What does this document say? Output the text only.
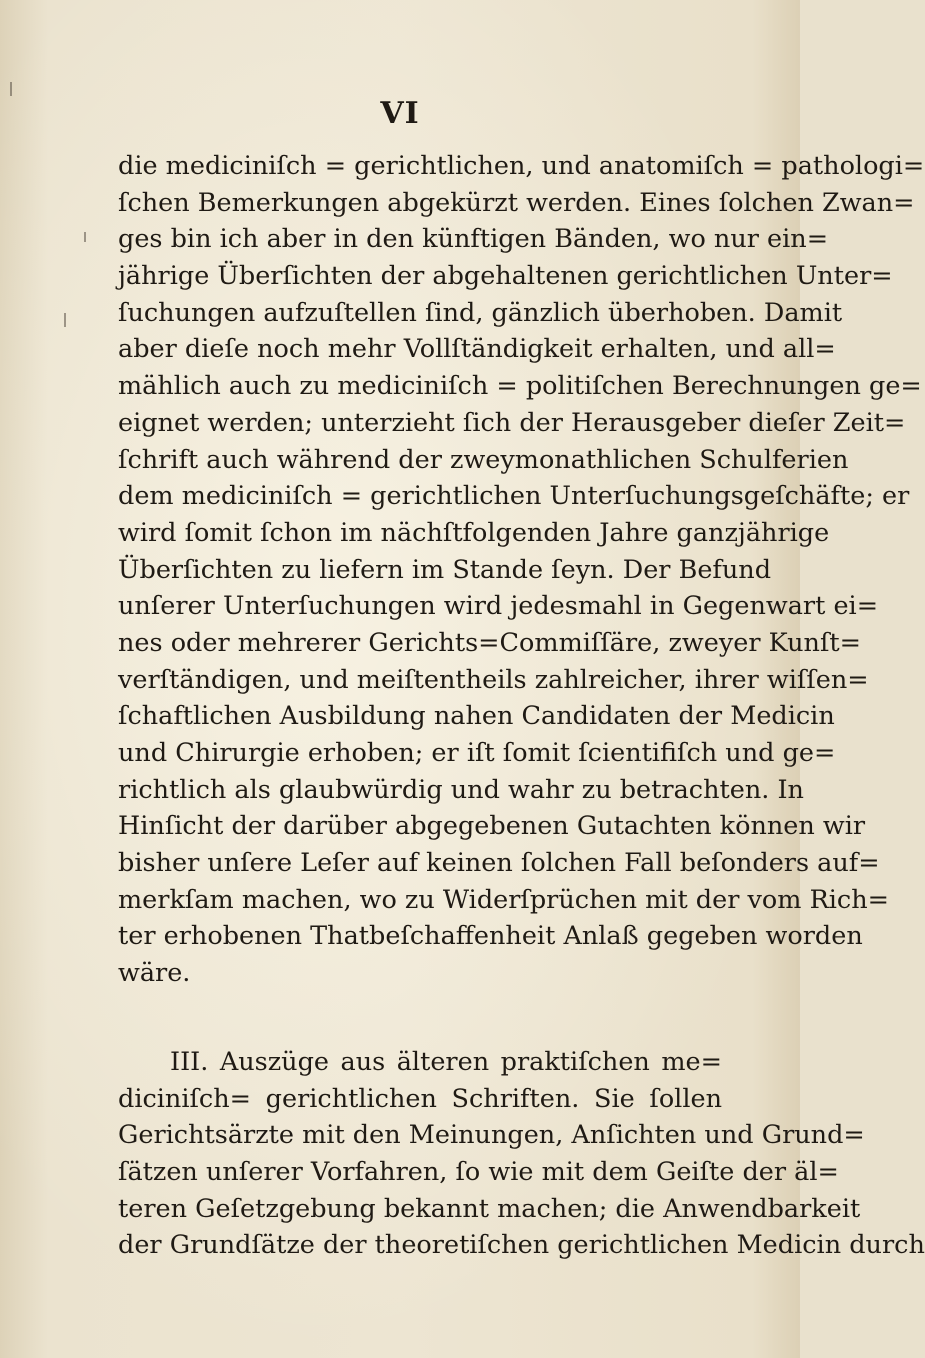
VI
die mediciniſch = gerichtlichen, und anatomiſch = pathologi=
ſchen Bemerkungen abgekürzt werden. Eines ſolchen Zwan=
ges bin ich aber in den künftigen Bänden, wo nur ein=
jährige Überſichten der abgehaltenen gerichtlichen Unter=
ſuchungen aufzuſtellen ſind, gänzlich überhoben. Damit
aber dieſe noch mehr Vollſtändigkeit erhalten, und all=
mählich auch zu mediciniſch = politiſchen Berechnungen ge=
eignet werden; unterzieht ſich der Herausgeber dieſer Zeit=
ſchrift auch während der zweymonathlichen Schulferien
dem mediciniſch = gerichtlichen Unterſuchungsgeſchäfte; er
wird ſomit ſchon im nächſtfolgenden Jahre ganzjährige
Überſichten zu liefern im Stande ſeyn. Der Befund
unſerer Unterſuchungen wird jedesmahl in Gegenwart ei=
nes oder mehrerer Gerichts=Commiſſäre, zweyer Kunſt=
verſtändigen, und meiſtentheils zahlreicher, ihrer wiſſen=
ſchaftlichen Ausbildung nahen Candidaten der Medicin
und Chirurgie erhoben; er iſt ſomit ſcientifiſch und ge=
richtlich als glaubwürdig und wahr zu betrachten. In
Hinſicht der darüber abgegebenen Gutachten können wir
bisher unſere Leſer auf keinen ſolchen Fall beſonders auf=
merkſam machen, wo zu Widerſprüchen mit der vom Rich=
ter erhobenen Thatbeſchaffenheit Anlaß gegeben worden
wäre.
III. Auszüge aus älteren praktiſchen me=
diciniſch= gerichtlichen Schriften. Sie ſollen
Gerichtsärzte mit den Meinungen, Anſichten und Grund=
ſätzen unſerer Vorfahren, ſo wie mit dem Geiſte der äl=
teren Geſetzgebung bekannt machen; die Anwendbarkeit
der Grundſätze der theoretiſchen gerichtlichen Medicin durch
